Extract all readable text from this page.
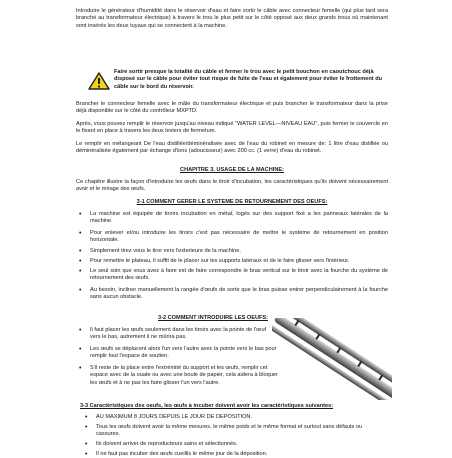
Introduire le générateur d'humidité dans le réservoir d'eau et faire sortir le câble avec connecteur femelle (qui plus tard sera branché au transformateur électrique) à travers le trou le plus petit sur le côté opposé aux deux grands trous où maintenant sont insérés les deux tuyaux qui se connectent à la machine.

Faire sortir presque la totalité du câble et fermer le trou avec le petit bouchon en caoutchouc déjà disposé sur le câble pour éviter tout risque de fuite de l'eau et également pour éviter le frottement du câble sur le bord du réservoir.

Brancher le connecteur femelle avec le mâle du transformateur électrique et puis brancher le transformateur dans la prise déjà disponible sur le côté du contrôleur MXPTD.

Après, vous pouvez remplir le réservoir jusqu'au niveau indiqué "WATER LEVEL—NIVEAU EAU", puis fermer le couvercle en le fixant en place à travers les deux leviers de fermeture.

Le remplir en mélangeant De l'eau distillée/déminéralisée avec de l'eau du robinet en mesure de: 1 litre d'eau distillée ou déminéralisée également par échange d'ions (adoucisseur) avec 200 cc. (1 verre) d'eau du robinet.

CHAPITRE 3. USAGE DE LA MACHINE:

Ce chapitre illustre la façon d'introduire les œufs dans le tiroir d'incubation, les caractéristiques qu'ils doivent nécessairement avoir et le mirage des œufs.

3-1 COMMENT GERER LE SYSTEME DE RETOURNEMENT DES OEUFS:
• La machine est équipée de tiroirs incubation en métal, logés sur des support fixé a les panneaux latérales de la machine.

• Pour enlever et/ou introduire les tiroirs c'est pas nécessaire de mettre le système de retournement en position horizontale.

• Simplement tirez vous le tiror vers l'exterieure de la machine.

• Pour remettre le plateau, il suffit de le placer sur les supports latéraux et de le faire glisser vers l'intérieur.

• Le seul soin que vous avez à faire est de faire correspondre le bras vertical sur le tiroir avec la fourche du système de retournement des œufs.

• Au besoin, incliner manuellement la rangée d'œufs de sorte que le bras puisse entrer perpendiculairement à la fourche sans aucun obstacle.

3-2 COMMENT INTRODUIRE LES OEUFS:
• Il faut placer les œufs seulement dans les tiroirs avec la pointe de l'œuf vers le bas, autrement il ne mûrira pas.

• Les œufs se déplacent alors l'un vers l'autre avec la pointe vers le bas pour remplir tout l'espace de soutien.

• S'il reste de la place entre l'extrémité du support et les œufs, remplir cet espace avec de la ouate ou avec une boule de papier, cela aidera à bloquer les œufs et à ne pas les faire glisser l'un vers l'autre.

3-3 Caractéristiques des oeufs, les œufs à incuber doivent avoir les caractéristiques suivantes:
• AU MAXIMUM 8 JOURS DEPUIS LE JOUR DE DEPOSITION.

• Tous les œufs doivent avoir la même mesures, le même poids et le même format et surtout sans défauts ou cassures.

• Ils doivent arriver de reproducteurs sains et sélectionnés.

• Il ne faut pas incuber des œufs cueillis le même jour de la déposition.
